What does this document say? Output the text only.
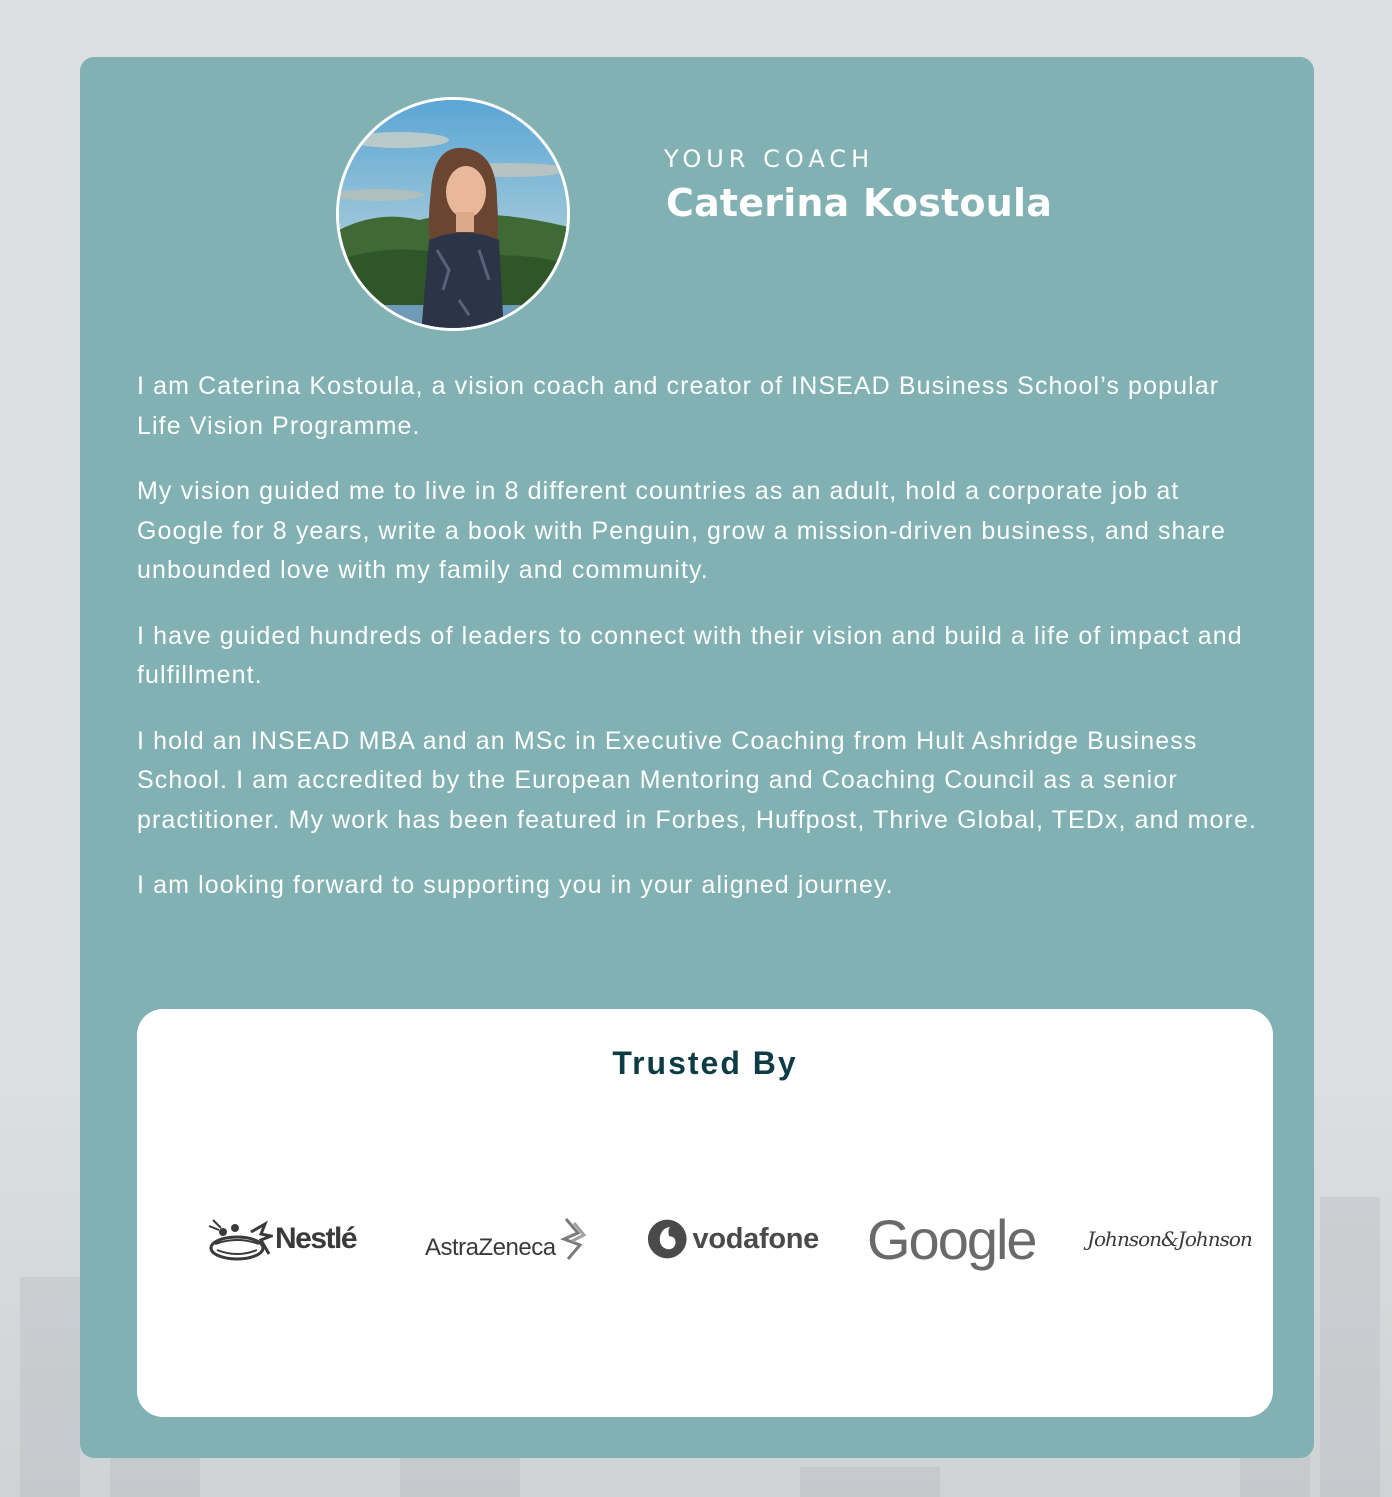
YOUR COACH
Caterina Kostoula

I am Caterina Kostoula, a vision coach and creator of INSEAD Business School’s popular Life Vision Programme.

My vision guided me to live in 8 different countries as an adult, hold a corporate job at Google for 8 years, write a book with Penguin, grow a mission-driven business, and share unbounded love with my family and community.

I have guided hundreds of leaders to connect with their vision and build a life of impact and fulfillment.

I hold an INSEAD MBA and an MSc in Executive Coaching from Hult Ashridge Business School. I am accredited by the European Mentoring and Coaching Council as a senior practitioner. My work has been featured in Forbes, Huffpost, Thrive Global, TEDx, and more.

I am looking forward to supporting you in your aligned journey.

Trusted By
Nestlé	AstraZeneca	vodafone Google	Johnson&Johnson
